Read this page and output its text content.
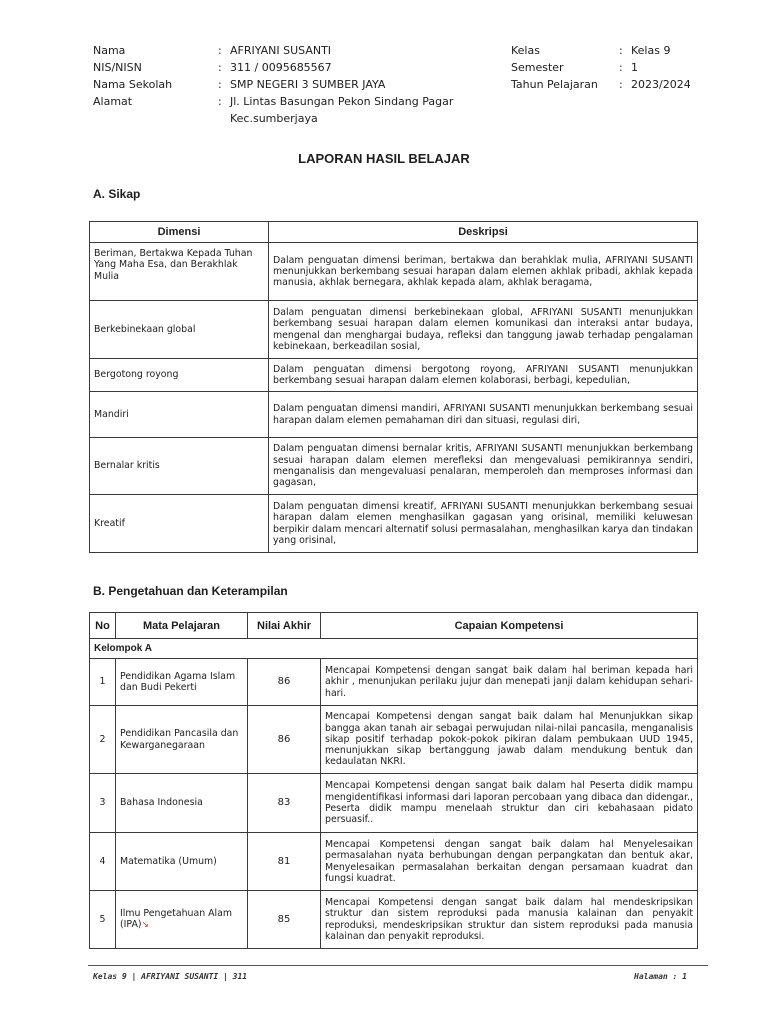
Nama	: AFRIYANI SUSANTI
NIS/NISN	: 311 / 0095685567
Nama Sekolah	: SMP NEGERI 3 SUMBER JAYA
Alamat	: Jl. Lintas Basungan Pekon Sindang Pagar
Kec.sumberjaya
Kelas	: Kelas 9
Semester	: 1
Tahun Pelajaran	: 2023/2024
LAPORAN HASIL BELAJAR
A. Sikap
Dimensi	Deskripsi
Beriman, Bertakwa Kepada Tuhan Yang Maha Esa, dan Berakhlak Mulia	Dalam penguatan dimensi beriman, bertakwa dan berahklak mulia, AFRIYANI SUSANTI menunjukkan berkembang sesuai harapan dalam elemen akhlak pribadi, akhlak kepada manusia, akhlak bernegara, akhlak kepada alam, akhlak beragama,
Berkebinekaan global	Dalam penguatan dimensi berkebinekaan global, AFRIYANI SUSANTI menunjukkan berkembang sesuai harapan dalam elemen komunikasi dan interaksi antar budaya, mengenal dan menghargai budaya, refleksi dan tanggung jawab terhadap pengalaman kebinekaan, berkeadilan sosial,
Bergotong royong	Dalam penguatan dimensi bergotong royong, AFRIYANI SUSANTI menunjukkan berkembang sesuai harapan dalam elemen kolaborasi, berbagi, kepedulian,
Mandiri	Dalam penguatan dimensi mandiri, AFRIYANI SUSANTI menunjukkan berkembang sesuai harapan dalam elemen pemahaman diri dan situasi, regulasi diri,
Bernalar kritis	Dalam penguatan dimensi bernalar kritis, AFRIYANI SUSANTI menunjukkan berkembang sesuai harapan dalam elemen merefleksi dan mengevaluasi pemikirannya sendiri, menganalisis dan mengevaluasi penalaran, memperoleh dan memproses informasi dan gagasan,
Kreatif	Dalam penguatan dimensi kreatif, AFRIYANI SUSANTI menunjukkan berkembang sesuai harapan dalam elemen menghasilkan gagasan yang orisinal, memiliki keluwesan berpikir dalam mencari alternatif solusi permasalahan, menghasilkan karya dan tindakan yang orisinal,
B. Pengetahuan dan Keterampilan
No	Mata Pelajaran	Nilai Akhir	Capaian Kompetensi
Kelompok A			
1	Pendidikan Agama Islam dan Budi Pekerti	86	Mencapai Kompetensi dengan sangat baik dalam hal beriman kepada hari akhir , menunjukan perilaku jujur dan menepati janji dalam kehidupan sehari-hari.
2	Pendidikan Pancasila dan Kewarganegaraan	86	Mencapai Kompetensi dengan sangat baik dalam hal Menunjukkan sikap bangga akan tanah air sebagai perwujudan nilai-nilai pancasila, menganalisis sikap positif terhadap pokok-pokok pikiran dalam pembukaan UUD 1945, menunjukkan sikap bertanggung jawab dalam mendukung bentuk dan kedaulatan NKRI.
3	Bahasa Indonesia	83	Mencapai Kompetensi dengan sangat baik dalam hal Peserta didik mampu mengidentifikasi informasi dari laporan percobaan yang dibaca dan didengar., Peserta didik mampu menelaah struktur dan ciri kebahasaan pidato persuasif..
4	Matematika (Umum)	81	Mencapai Kompetensi dengan sangat baik dalam hal Menyelesaikan permasalahan nyata berhubungan dengan perpangkatan dan bentuk akar, Menyelesaikan permasalahan berkaitan dengan persamaan kuadrat dan fungsi kuadrat.
5	Ilmu Pengetahuan Alam (IPA)↘	85	Mencapai Kompetensi dengan sangat baik dalam hal mendeskripsikan struktur dan sistem reproduksi pada manusia kalainan dan penyakit reproduksi, mendeskripsikan struktur dan sistem reproduksi pada manusia kalainan dan penyakit reproduksi.
Kelas 9 | AFRIYANI SUSANTI | 311	Halaman : 1
